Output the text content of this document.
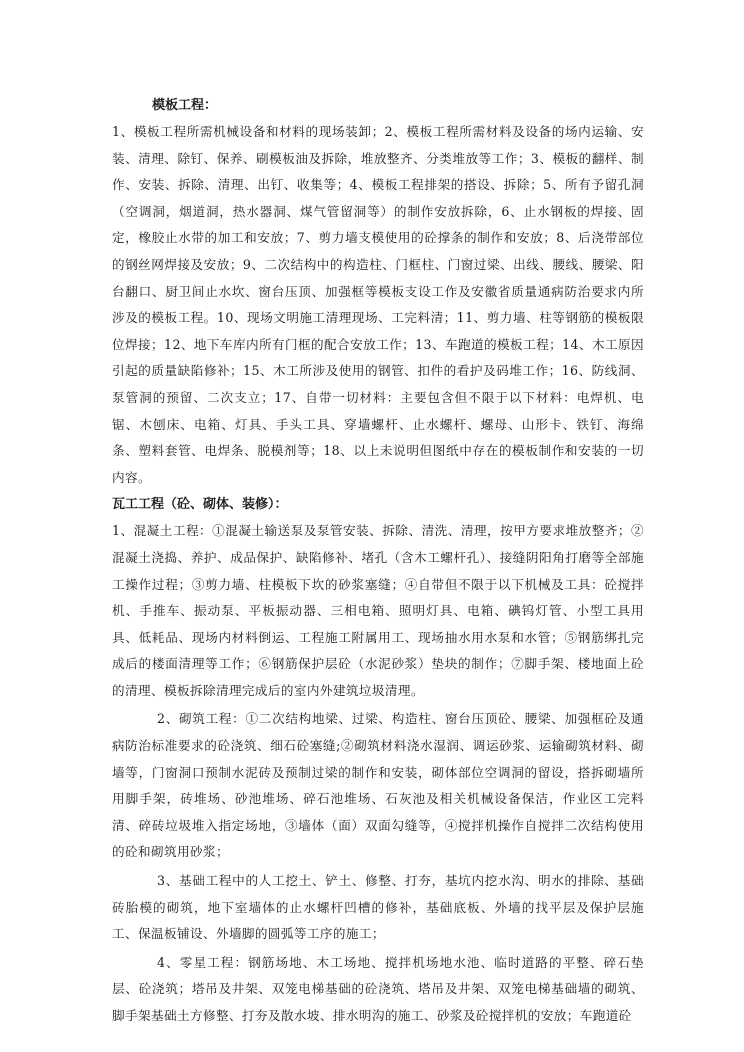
模板工程：

1、模板工程所需机械设备和材料的现场装卸；2、模板工程所需材料及设备的场内运输、安装、清理、除钉、保养、刷模板油及拆除，堆放整齐、分类堆放等工作；3、模板的翻样、制作、安装、拆除、清理、出钉、收集等；4、模板工程排架的搭设、拆除；5、所有予留孔洞（空调洞，烟道洞，热水器洞、煤气管留洞等）的制作安放拆除，6、止水钢板的焊接、固定，橡胶止水带的加工和安放；7、剪力墙支模使用的砼撑条的制作和安放；8、后浇带部位的钢丝网焊接及安放；9、二次结构中的构造柱、门框柱、门窗过梁、出线、腰线、腰梁、阳台翻口、厨卫间止水坎、窗台压顶、加强框等模板支设工作及安徽省质量通病防治要求内所涉及的模板工程。10、现场文明施工清理现场、工完料清；11、剪力墙、柱等钢筋的模板限位焊接；12、地下车库内所有门框的配合安放工作；13、车跑道的模板工程；14、木工原因引起的质量缺陷修补；15、木工所涉及使用的钢管、扣件的看护及码堆工作；16、防线洞、泵管洞的预留、二次支立；17、自带一切材料：主要包含但不限于以下材料：电焊机、电锯、木刨床、电箱、灯具、手头工具、穿墙螺杆、止水螺杆、螺母、山形卡、铁钉、海绵条、塑料套管、电焊条、脱模剂等；18、以上未说明但图纸中存在的模板制作和安装的一切内容。

瓦工工程（砼、砌体、装修）：

1、混凝土工程：①混凝土输送泵及泵管安装、拆除、清洗、清理，按甲方要求堆放整齐；②混凝土浇捣、养护、成品保护、缺陷修补、堵孔（含木工螺杆孔）、接缝阴阳角打磨等全部施工操作过程；③剪力墙、柱模板下坎的砂浆塞缝；④自带但不限于以下机械及工具：砼搅拌机、手推车、振动泵、平板振动器、三相电箱、照明灯具、电箱、碘钨灯管、小型工具用具、低耗品、现场内材料倒运、工程施工附属用工、现场抽水用水泵和水管；⑤钢筋绑扎完成后的楼面清理等工作；⑥钢筋保护层砼（水泥砂浆）垫块的制作；⑦脚手架、楼地面上砼的清理、模板拆除清理完成后的室内外建筑垃圾清理。

2、砌筑工程：①二次结构地梁、过梁、构造柱、窗台压顶砼、腰梁、加强框砼及通病防治标准要求的砼浇筑、细石砼塞缝;②砌筑材料浇水湿润、调运砂浆、运输砌筑材料、砌墙等，门窗洞口预制水泥砖及预制过梁的制作和安装，砌体部位空调洞的留设，搭拆砌墙所用脚手架，砖堆场、砂池堆场、碎石池堆场、石灰池及相关机械设备保洁，作业区工完料清、碎砖垃圾堆入指定场地，③墙体（面）双面勾缝等，④搅拌机操作自搅拌二次结构使用的砼和砌筑用砂浆；

3、基础工程中的人工挖土、铲土、修整、打夯，基坑内挖水沟、明水的排除、基础砖胎模的砌筑，地下室墙体的止水螺杆凹槽的修补，基础底板、外墙的找平层及保护层施工、保温板铺设、外墙脚的圆弧等工序的施工；

4、零星工程：钢筋场地、木工场地、搅拌机场地水池、临时道路的平整、碎石垫层、砼浇筑；塔吊及井架、双笼电梯基础的砼浇筑、塔吊及井架、双笼电梯基础墙的砌筑、脚手架基础土方修整、打夯及散水坡、排水明沟的施工、砂浆及砼搅拌机的安放；车跑道砼
